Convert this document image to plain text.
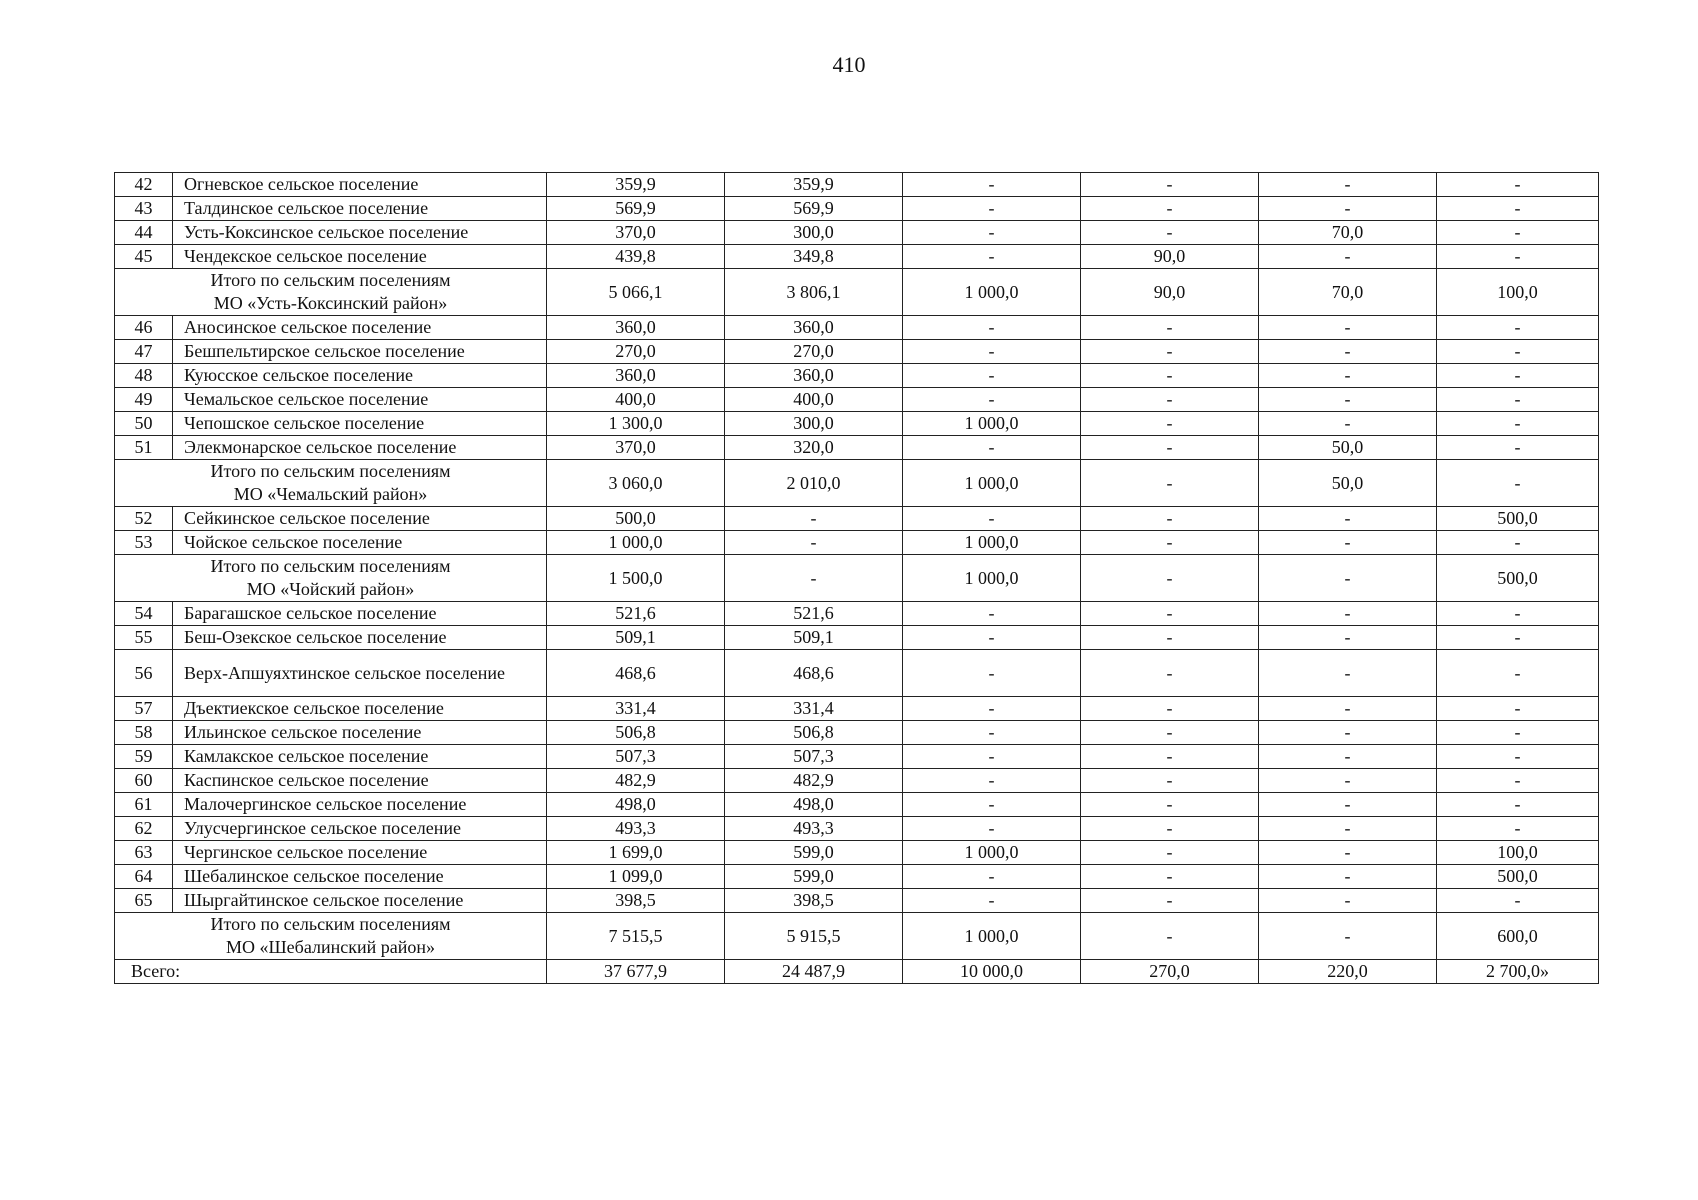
410
42	Огневское сельское поселение	359,9	359,9	-	-	-	-
43	Талдинское сельское поселение	569,9	569,9	-	-	-	-
44	Усть-Коксинское сельское поселение	370,0	300,0	-	-	70,0	-
45	Чендекское сельское поселение	439,8	349,8	-	90,0	-	-
Итого по сельским поселениям
МО «Усть-Коксинский район»		5 066,1	3 806,1	1 000,0	90,0	70,0	100,0
46	Аносинское сельское поселение	360,0	360,0	-	-	-	-
47	Бешпельтирское сельское поселение	270,0	270,0	-	-	-	-
48	Куюсское сельское поселение	360,0	360,0	-	-	-	-
49	Чемальское сельское поселение	400,0	400,0	-	-	-	-
50	Чепошское сельское поселение	1 300,0	300,0	1 000,0	-	-	-
51	Элекмонарское сельское поселение	370,0	320,0	-	-	50,0	-
Итого по сельским поселениям
МО «Чемальский район»		3 060,0	2 010,0	1 000,0	-	50,0	-
52	Сейкинское сельское поселение	500,0	-	-	-	-	500,0
53	Чойское сельское поселение	1 000,0	-	1 000,0	-	-	-
Итого по сельским поселениям
МО «Чойский район»		1 500,0	-	1 000,0	-	-	500,0
54	Барагашское сельское поселение	521,6	521,6	-	-	-	-
55	Беш-Озекское сельское поселение	509,1	509,1	-	-	-	-
56	Верх-Апшуяхтинское сельское поселение	468,6	468,6	-	-	-	-
57	Дъектиекское сельское поселение	331,4	331,4	-	-	-	-
58	Ильинское сельское поселение	506,8	506,8	-	-	-	-
59	Камлакское сельское поселение	507,3	507,3	-	-	-	-
60	Каспинское сельское поселение	482,9	482,9	-	-	-	-
61	Малочергинское сельское поселение	498,0	498,0	-	-	-	-
62	Улусчергинское сельское поселение	493,3	493,3	-	-	-	-
63	Чергинское сельское поселение	1 699,0	599,0	1 000,0	-	-	100,0
64	Шебалинское сельское поселение	1 099,0	599,0	-	-	-	500,0
65	Шыргайтинское сельское поселение	398,5	398,5	-	-	-	-
Итого по сельским поселениям
МО «Шебалинский район»		7 515,5	5 915,5	1 000,0	-	-	600,0
Всего:		37 677,9	24 487,9	10 000,0	270,0	220,0	2 700,0»
